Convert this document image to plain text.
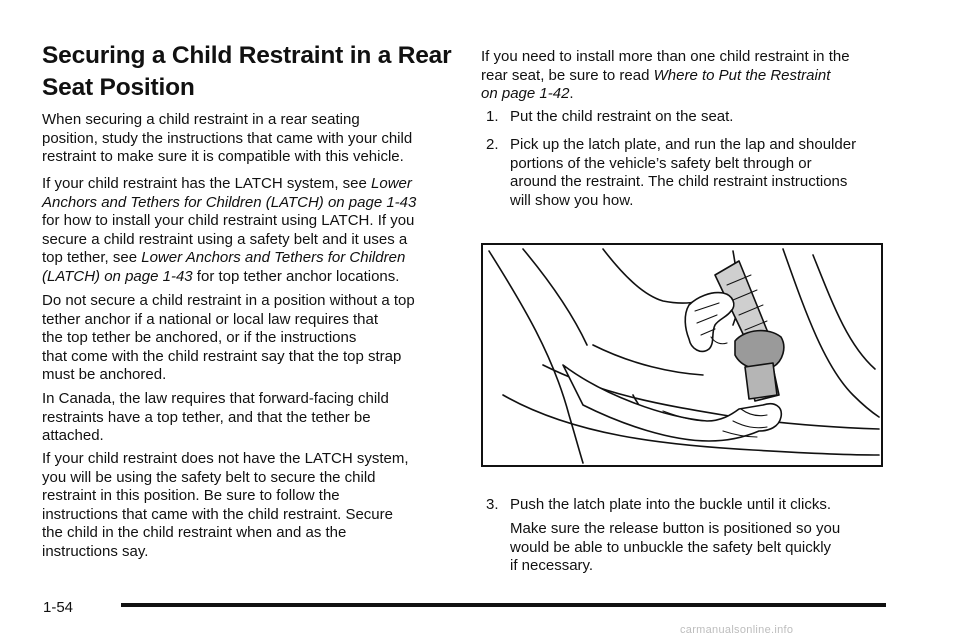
Securing a Child Restraint in a Rear
Seat Position

When securing a child restraint in a rear seating
position, study the instructions that came with your child
restraint to make sure it is compatible with this vehicle.

If your child restraint has the LATCH system, see Lower
Anchors and Tethers for Children (LATCH) on page 1-43
for how to install your child restraint using LATCH. If you
secure a child restraint using a safety belt and it uses a
top tether, see Lower Anchors and Tethers for Children
(LATCH) on page 1-43 for top tether anchor locations.

Do not secure a child restraint in a position without a top
tether anchor if a national or local law requires that
the top tether be anchored, or if the instructions
that come with the child restraint say that the top strap
must be anchored.

In Canada, the law requires that forward-facing child
restraints have a top tether, and that the tether be
attached.

If your child restraint does not have the LATCH system,
you will be using the safety belt to secure the child
restraint in this position. Be sure to follow the
instructions that came with the child restraint. Secure
the child in the child restraint when and as the
instructions say.

If you need to install more than one child restraint in the
rear seat, be sure to read Where to Put the Restraint
on page 1-42.

1. Put the child restraint on the seat.

2. Pick up the latch plate, and run the lap and shoulder
portions of the vehicle’s safety belt through or
around the restraint. The child restraint instructions
will show you how.

3. Push the latch plate into the buckle until it clicks.

Make sure the release button is positioned so you
would be able to unbuckle the safety belt quickly
if necessary.

1-54
carmanualsonline.info
